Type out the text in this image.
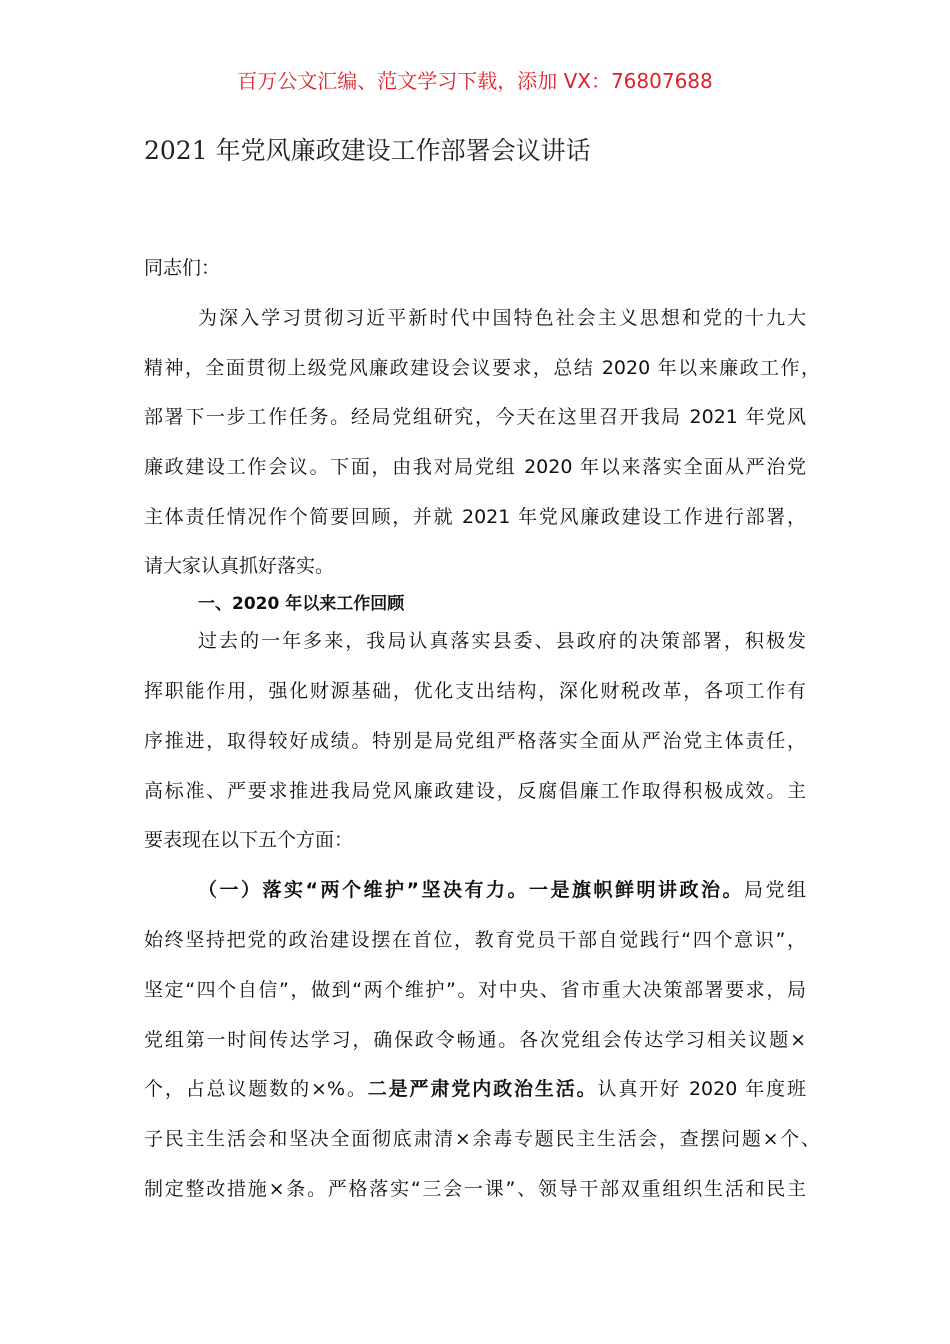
百万公文汇编、范文学习下载，添加 VX：76807688
2021 年党风廉政建设工作部署会议讲话
同志们：
为深入学习贯彻习近平新时代中国特色社会主义思想和党的十九大
精神，全面贯彻上级党风廉政建设会议要求，总结 2020 年以来廉政工作，
部署下一步工作任务。经局党组研究，今天在这里召开我局 2021 年党风
廉政建设工作会议。下面，由我对局党组 2020 年以来落实全面从严治党
主体责任情况作个简要回顾，并就 2021 年党风廉政建设工作进行部署，
请大家认真抓好落实。
一、2020 年以来工作回顾
过去的一年多来，我局认真落实县委、县政府的决策部署，积极发
挥职能作用，强化财源基础，优化支出结构，深化财税改革，各项工作有
序推进，取得较好成绩。特别是局党组严格落实全面从严治党主体责任，
高标准、严要求推进我局党风廉政建设，反腐倡廉工作取得积极成效。主
要表现在以下五个方面：
（一）落实“两个维护”坚决有力。一是旗帜鲜明讲政治。局党组
始终坚持把党的政治建设摆在首位，教育党员干部自觉践行“四个意识”，
坚定“四个自信”，做到“两个维护”。对中央、省市重大决策部署要求，局
党组第一时间传达学习，确保政令畅通。各次党组会传达学习相关议题×
个，占总议题数的×%。二是严肃党内政治生活。认真开好 2020 年度班
子民主生活会和坚决全面彻底肃清×余毒专题民主生活会，查摆问题×个、
制定整改措施×条。严格落实“三会一课”、领导干部双重组织生活和民主
